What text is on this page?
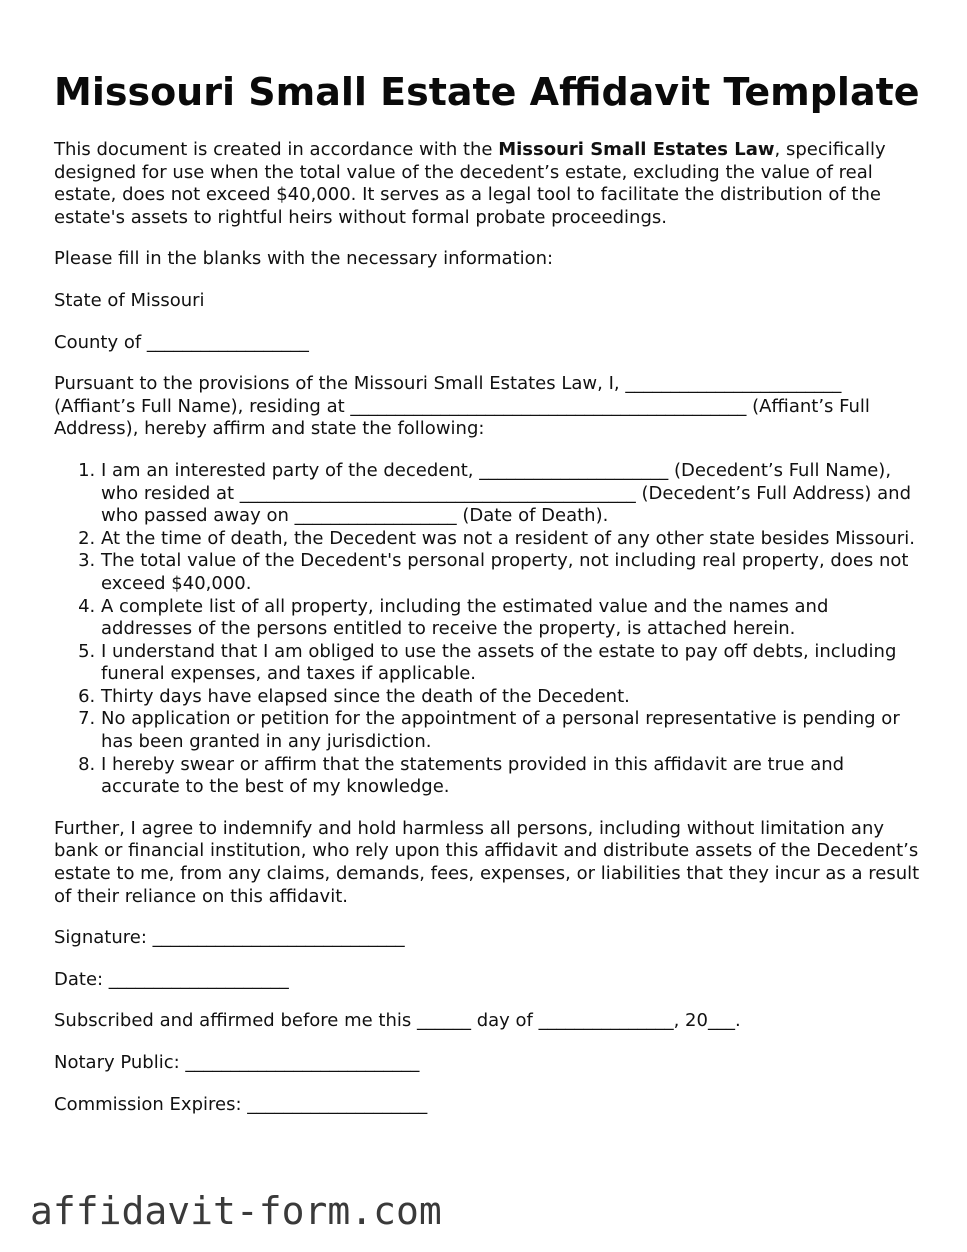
Missouri Small Estate Affidavit Template

This document is created in accordance with the Missouri Small Estates Law, specifically designed for use when the total value of the decedent’s estate, excluding the value of real estate, does not exceed $40,000. It serves as a legal tool to facilitate the distribution of the estate's assets to rightful heirs without formal probate proceedings.

Please fill in the blanks with the necessary information:

State of Missouri

County of __________________

Pursuant to the provisions of the Missouri Small Estates Law, I, ________________________ (Affiant’s Full Name), residing at ____________________________________________ (Affiant’s Full Address), hereby affirm and state the following:

1. I am an interested party of the decedent, _____________________ (Decedent’s Full Name), who resided at ____________________________________________ (Decedent’s Full Address) and who passed away on __________________ (Date of Death).
2. At the time of death, the Decedent was not a resident of any other state besides Missouri.
3. The total value of the Decedent's personal property, not including real property, does not exceed $40,000.
4. A complete list of all property, including the estimated value and the names and addresses of the persons entitled to receive the property, is attached herein.
5. I understand that I am obliged to use the assets of the estate to pay off debts, including funeral expenses, and taxes if applicable.
6. Thirty days have elapsed since the death of the Decedent.
7. No application or petition for the appointment of a personal representative is pending or has been granted in any jurisdiction.
8. I hereby swear or affirm that the statements provided in this affidavit are true and accurate to the best of my knowledge.

Further, I agree to indemnify and hold harmless all persons, including without limitation any bank or financial institution, who rely upon this affidavit and distribute assets of the Decedent’s estate to me, from any claims, demands, fees, expenses, or liabilities that they incur as a result of their reliance on this affidavit.

Signature: ____________________________

Date: ____________________

Subscribed and affirmed before me this ______ day of _______________, 20___.

Notary Public: __________________________

Commission Expires: ____________________

affidavit-form.com
